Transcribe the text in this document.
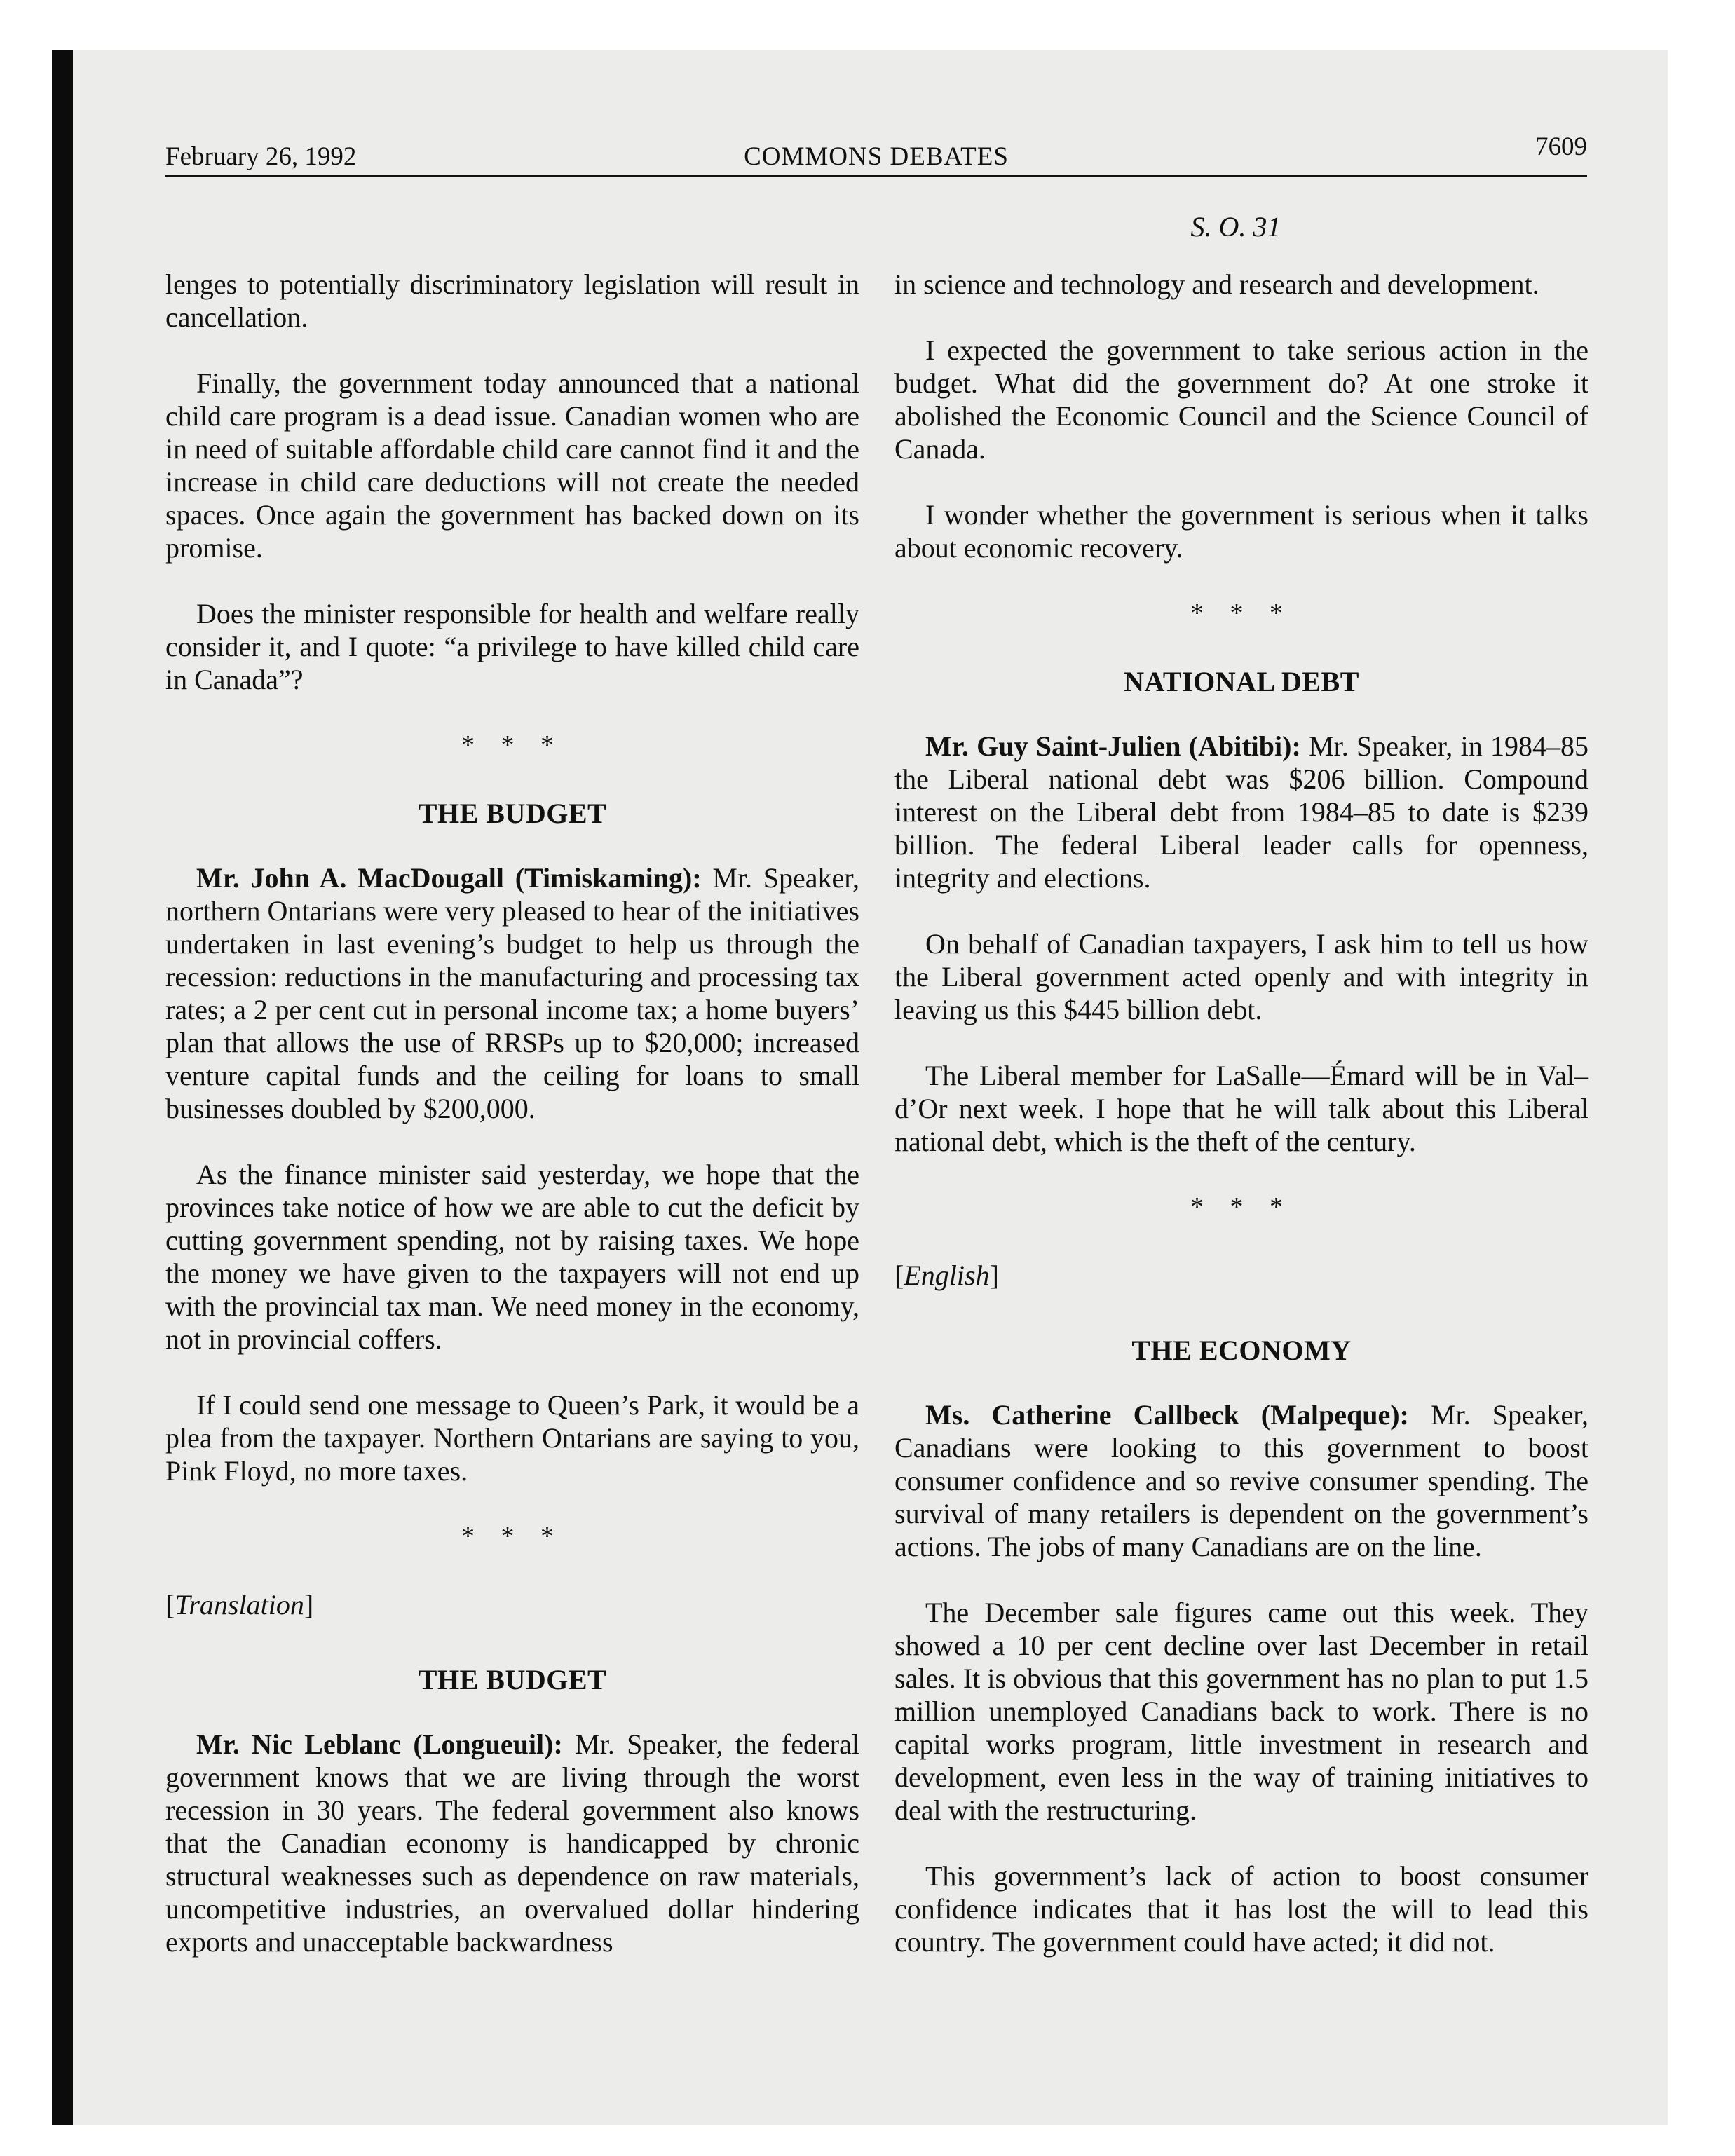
February 26, 1992	COMMONS DEBATES	7609
S. O. 31

lenges to potentially discriminatory legislation will result in cancellation.

Finally, the government today announced that a national child care program is a dead issue. Canadian women who are in need of suitable affordable child care cannot find it and the increase in child care deductions will not create the needed spaces. Once again the government has backed down on its promise.

Does the minister responsible for health and welfare really consider it, and I quote: “a privilege to have killed child care in Canada”?

* * *
THE BUDGET

Mr. John A. MacDougall (Timiskaming): Mr. Speaker, northern Ontarians were very pleased to hear of the initiatives undertaken in last evening’s budget to help us through the recession: reductions in the manufacturing and processing tax rates; a 2 per cent cut in personal income tax; a home buyers’ plan that allows the use of RRSPs up to $20,000; increased venture capital funds and the ceiling for loans to small businesses doubled by $200,000.

As the finance minister said yesterday, we hope that the provinces take notice of how we are able to cut the deficit by cutting government spending, not by raising taxes. We hope the money we have given to the taxpayers will not end up with the provincial tax man. We need money in the economy, not in provincial coffers.

If I could send one message to Queen’s Park, it would be a plea from the taxpayer. Northern Ontarians are saying to you, Pink Floyd, no more taxes.

* * *
[Translation]
THE BUDGET

Mr. Nic Leblanc (Longueuil): Mr. Speaker, the federal government knows that we are living through the worst recession in 30 years. The federal government also knows that the Canadian economy is handicapped by chronic structural weaknesses such as dependence on raw materials, uncompetitive industries, an overvalued dollar hindering exports and unacceptable backwardness

in science and technology and research and development.

I expected the government to take serious action in the budget. What did the government do? At one stroke it abolished the Economic Council and the Science Council of Canada.

I wonder whether the government is serious when it talks about economic recovery.

* * *
NATIONAL DEBT

Mr. Guy Saint-Julien (Abitibi): Mr. Speaker, in 1984–85 the Liberal national debt was $206 billion. Compound interest on the Liberal debt from 1984–85 to date is $239 billion. The federal Liberal leader calls for openness, integrity and elections.

On behalf of Canadian taxpayers, I ask him to tell us how the Liberal government acted openly and with integrity in leaving us this $445 billion debt.

The Liberal member for LaSalle—Émard will be in Val–d’Or next week. I hope that he will talk about this Liberal national debt, which is the theft of the century.

* * *
[English]
THE ECONOMY

Ms. Catherine Callbeck (Malpeque): Mr. Speaker, Canadians were looking to this government to boost consumer confidence and so revive consumer spending. The survival of many retailers is dependent on the government’s actions. The jobs of many Canadians are on the line.

The December sale figures came out this week. They showed a 10 per cent decline over last December in retail sales. It is obvious that this government has no plan to put 1.5 million unemployed Canadians back to work. There is no capital works program, little investment in research and development, even less in the way of training initiatives to deal with the restructuring.

This government’s lack of action to boost consumer confidence indicates that it has lost the will to lead this country. The government could have acted; it did not.
